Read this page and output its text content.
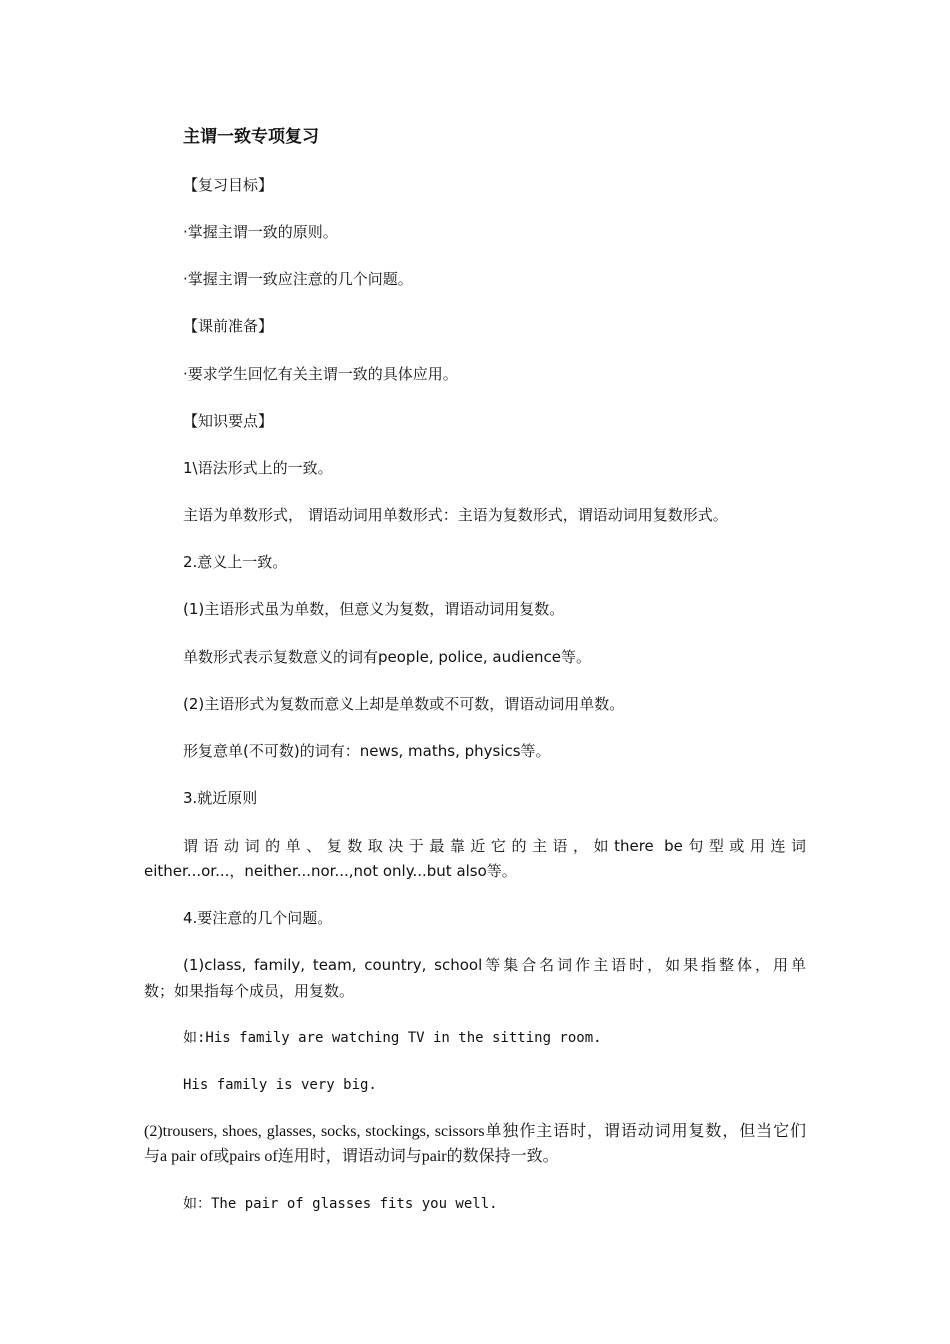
主谓一致专项复习

【复习目标】

·掌握主谓一致的原则。

·掌握主谓一致应注意的几个问题。

【课前准备】

·要求学生回忆有关主谓一致的具体应用。

【知识要点】

1\语法形式上的一致。

主语为单数形式， 谓语动词用单数形式：主语为复数形式，谓语动词用复数形式。

2.意义上一致。

(1)主语形式虽为单数，但意义为复数，谓语动词用复数。

单数形式表示复数意义的词有people, police, audience等。

(2)主语形式为复数而意义上却是单数或不可数，谓语动词用单数。

形复意单(不可数)的词有：news, maths, physics等。

3.就近原则

谓语动词的单、复数取决于最靠近它的主语，如there be句型或用连词

either...or...，neither...nor...,not only...but also等。

4.要注意的几个问题。

(1)class, family, team, country, school等集合名词作主语时，如果指整体，用单

数；如果指每个成员，用复数。

如:His family are watching TV in the sitting room.

His family is very big.

(2)trousers, shoes, glasses, socks, stockings, scissors单独作主语时，谓语动词用复数，但当它们

与a pair of或pairs of连用时，谓语动词与pair的数保持一致。

如：The pair of glasses fits you well.
